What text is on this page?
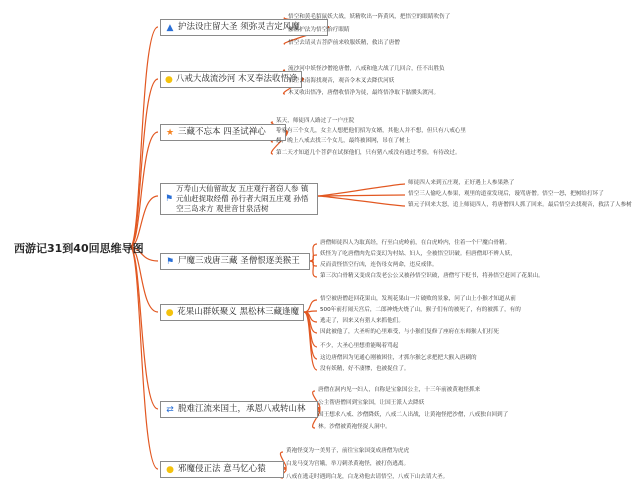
西游记31到40回思维导图
▲ 护法设庄留大圣 须弥灵吉定风魔
● 八戒大战流沙河 木叉奉法收悟净
★ 三藏不忘本 四圣试禅心
⚑
万寿山大仙留故友 五庄观行者窃人参 镇元仙赶捉取经僧 孙行者大闹五庄观 孙悟空三岛求方 观世音甘泉活树
⚑ 尸魔三戏唐三藏 圣僧恨逐美猴王
● 花果山群妖聚义 黑松林三藏逢魔
⇄ 脱难江流来国土，承恩八戒转山林
● 邪魔侵正法 意马忆心猿
悟空和黄毛貂鼠妖大战，妖精吹出一阵黄风，把悟空的眼睛吹伤了
伽蓝护法为悟空治疗眼睛
悟空去请灵吉菩萨前来收服妖精，救出了唐僧
流沙河中妖怪沙僧抢唐僧，八戒和他大战了几回合，任不出胜负
悟空去南海找观音，观音令木叉去降伏河妖
木叉收出悟净，唐僧收悟净为徒，最终悟净取下骷髅头渡河。
某天，师徒四人路过了一户庄院
황家有三个女儿，女主人想把他们招为女婿，其他人并不想，但只有八戒心里
想，晚上八戒去找三个女儿，最终被困网，吊在了树上
第二天才知道几个菩萨在试探他们，只有猪八戒没有通过考验，有待改过。
师徒四人来到五庄观，正好遇上人参果熟了
悟空三人偷吃人参果，观里的道童发现后，谩骂唐僧。悟空一怒，把树给打坏了
镇元子回来大怒，追上师徒四人，将唐僧四人抓了回来。最后悟空去找观音，救活了人参树
唐僧师徒四人为取真经，行至白虎岭前，在白虎岭内，住着一个尸魔白骨精。
妖怪为了吃唐僧肉先后变幻为村姑、妇人，全被悟空识破。但唐僧却不辨人妖，
反而责怪悟空行凶，连伤母女两命，违反戒律。
第三次白骨精又变成白发老公公又被孙悟空识破，唐僧写下贬书，将孙悟空赶回了花果山。
悟空被唐僧赶回花果山，发现花果山一片破败的景象，问了山上小猴才知道从前
500年前打闹天宫后，二郎神烧火烧了山，猴子们有的被死了，有的被抓了，有的
逃走了，因来又有猎人来抓他们。
因此被他了，大圣听的心里难受，与小猴们复修了座府在东师猴人们打死
不少，大圣心里想重能喝着骂起
这边唐僧因为见通心刚被困住，才抓尔猴乞求把把大猴入唐刷的
没有妖精，好不凄惨，也被捉住了。
唐僧在洞内见一妇人，自称是宝象国公主，十三年前被黄袍怪抓来
公主帮唐僧回到宝象国，让国王派人去降妖
国王想求八戒、沙僧降妖，八戒二人出战，让黄袍怪把沙僧，八戒独自回到了
林。沙僧被黄袍怪捉人洞中。
黄袍怪变为一美男子，前往宝象国变成唐僧为虎虎
白龙马变为宫娥，举刀刺杀黄袍怪，被打伤逃离。
八戒在逃走时遇到白龙，白龙劝他去请悟空，八戒下山去请大圣。
